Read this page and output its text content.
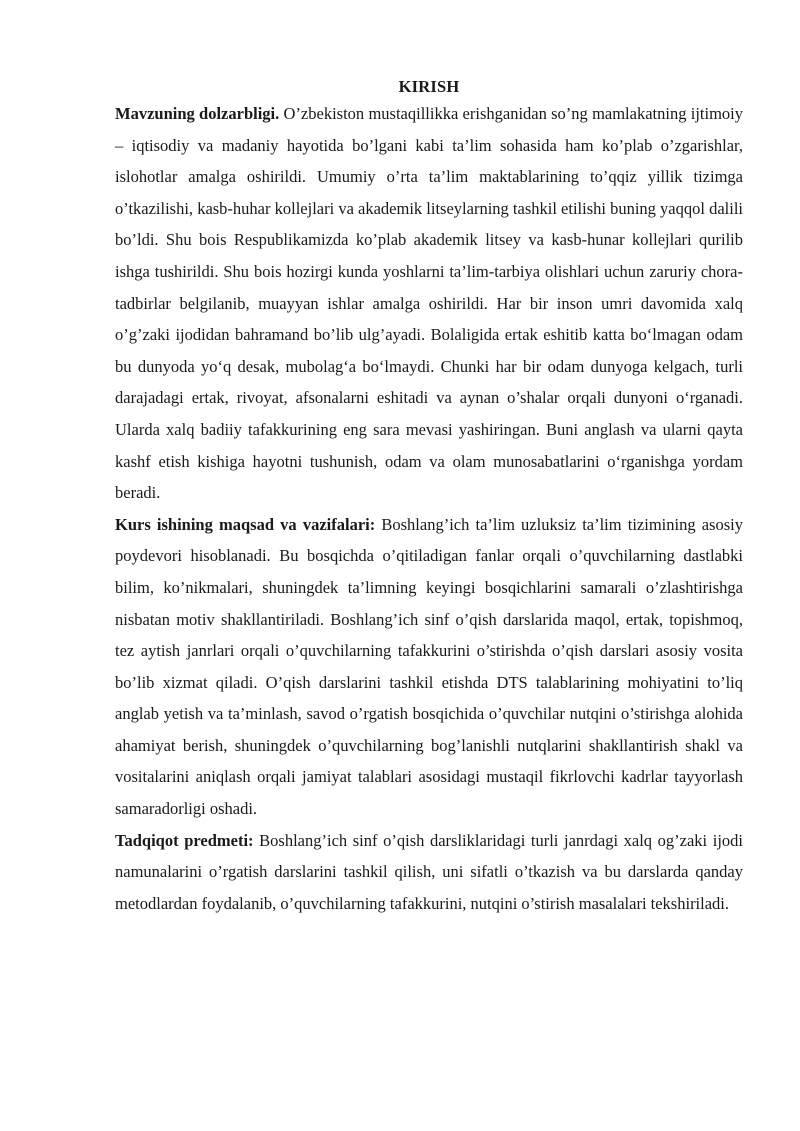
KIRISH

Mavzuning dolzarbligi. O’zbekiston mustaqillikka erishganidan so’ng mamlakatning ijtimoiy – iqtisodiy va madaniy hayotida bo’lgani kabi ta’lim sohasida ham ko’plab o’zgarishlar, islohotlar amalga oshirildi. Umumiy o’rta ta’lim maktablarining to’qqiz yillik tizimga o’tkazilishi, kasb-huhar kollejlari va akademik litseylarning tashkil etilishi buning yaqqol dalili bo’ldi. Shu bois Respublikamizda ko’plab akademik litsey va kasb-hunar kollejlari qurilib ishga tushirildi. Shu bois hozirgi kunda yoshlarni ta’lim-tarbiya olishlari uchun zaruriy chora-tadbirlar belgilanib, muayyan ishlar amalga oshirildi. Har bir inson umri davomida xalq o’g’zaki ijodidan bahramand bo’lib ulg’ayadi. Bolaligida ertak eshitib katta bo‘lmagan odam bu dunyoda yo‘q desak, mubolag‘a bo‘lmaydi. Chunki har bir odam dunyoga kelgach, turli darajadagi ertak, rivoyat, afsonalarni eshitadi va aynan o’shalar orqali dunyoni o‘rganadi. Ularda xalq badiiy tafakkurining eng sara mevasi yashiringan. Buni anglash va ularni qayta kashf etish kishiga hayotni tushunish, odam va olam munosabatlarini o‘rganishga yordam beradi.

Kurs ishining maqsad va vazifalari: Boshlang’ich ta’lim uzluksiz ta’lim tizimining asosiy poydevori hisoblanadi. Bu bosqichda o’qitiladigan fanlar orqali o’quvchilarning dastlabki bilim, ko’nikmalari, shuningdek ta’limning keyingi bosqichlarini samarali o’zlashtirishga nisbatan motiv shakllantiriladi. Boshlang’ich sinf o’qish darslarida maqol, ertak, topishmoq, tez aytish janrlari orqali o’quvchilarning tafakkurini o’stirishda o’qish darslari asosiy vosita bo’lib xizmat qiladi. O’qish darslarini tashkil etishda DTS talablarining mohiyatini to’liq anglab yetish va ta’minlash, savod o’rgatish bosqichida o’quvchilar nutqini o’stirishga alohida ahamiyat berish, shuningdek o’quvchilarning bog’lanishli nutqlarini shakllantirish shakl va vositalarini aniqlash orqali jamiyat talablari asosidagi mustaqil fikrlovchi kadrlar tayyorlash samaradorligi oshadi.

Tadqiqot predmeti: Boshlang’ich sinf o’qish darsliklaridagi turli janrdagi xalq og’zaki ijodi namunalarini o’rgatish darslarini tashkil qilish, uni sifatli o’tkazish va bu darslarda qanday metodlardan foydalanib, o’quvchilarning tafakkurini, nutqini o’stirish masalalari tekshiriladi.
